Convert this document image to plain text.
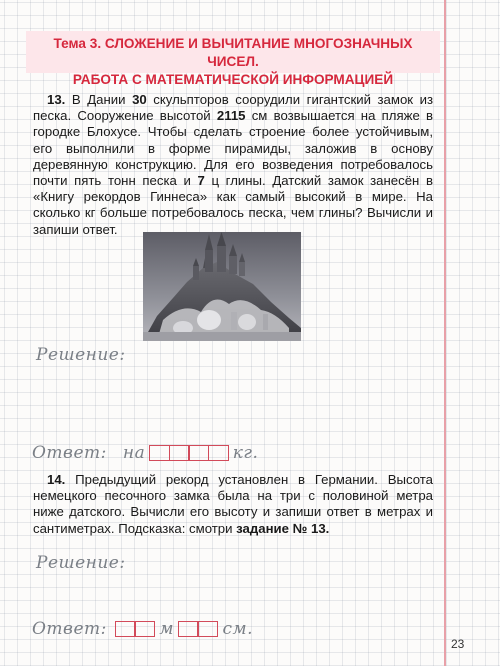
Тема 3. СЛОЖЕНИЕ И ВЫЧИТАНИЕ МНОГОЗНАЧНЫХ ЧИСЕЛ.
РАБОТА С МАТЕМАТИЧЕСКОЙ ИНФОРМАЦИЕЙ
13. В Дании 30 скульпторов соорудили гигантский замок из песка. Сооружение высотой 2115 см возвышается на пляже в городке Блохусе. Чтобы сделать строение более устойчивым, его выполнили в форме пирамиды, заложив в основу деревянную конструкцию. Для его возведения потребовалось почти пять тонн песка и 7 ц глины. Датский замок занесён в «Книгу рекордов Гиннеса» как самый высокий в мире. На сколько кг больше потребовалось песка, чем глины? Вычисли и запиши ответ.
Решение:
Ответ: на	кг.
14. Предыдущий рекорд установлен в Германии. Высота немецкого песочного замка была на три с половиной метра ниже датского. Вычисли его высоту и запиши ответ в метрах и сантиметрах. Подсказка: смотри задание № 13.
Решение:
Ответ:	м	см.
23
